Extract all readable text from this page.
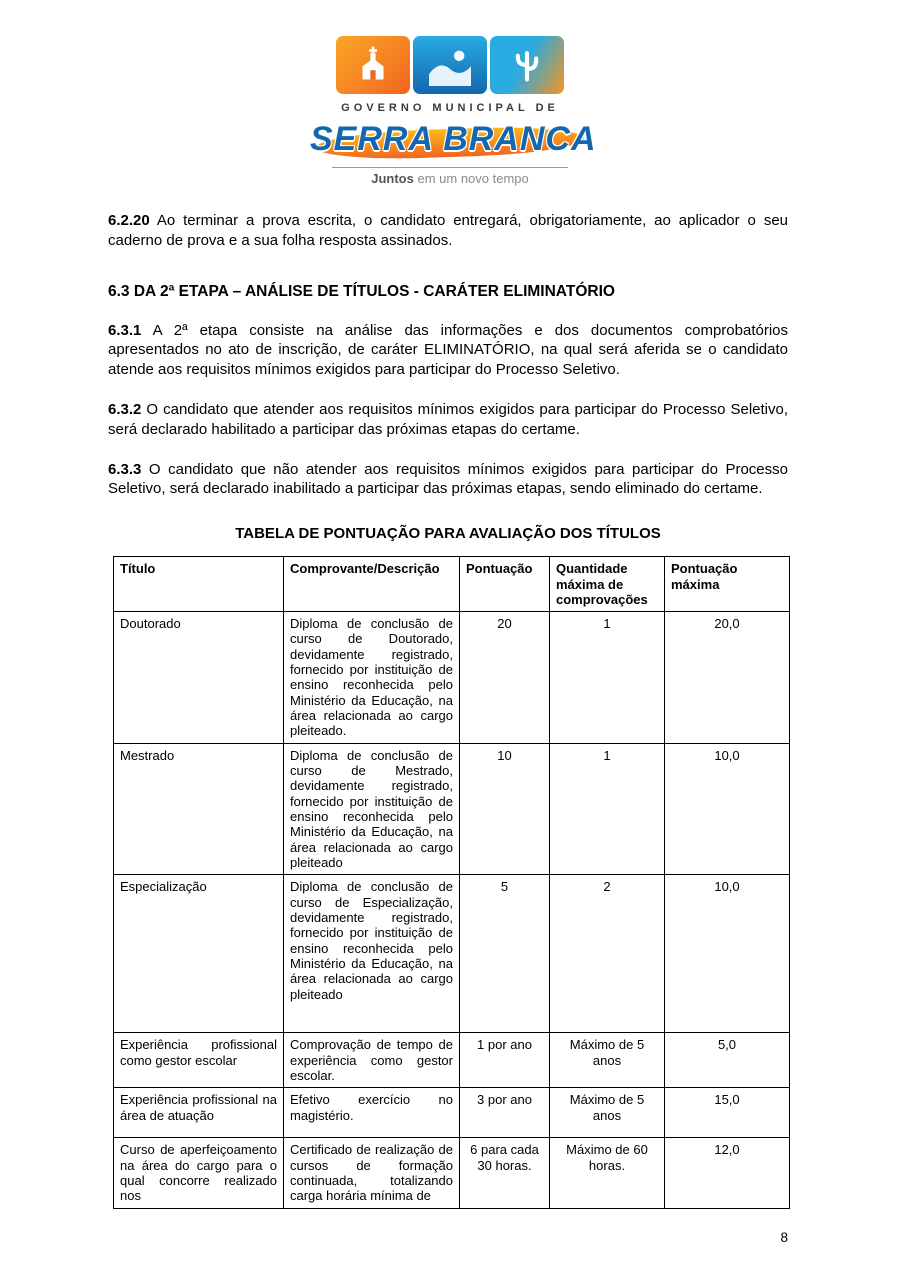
GOVERNO MUNICIPAL DE
SERRA BRANCA
Juntos em um novo tempo

6.2.20 Ao terminar a prova escrita, o candidato entregará, obrigatoriamente, ao aplicador o seu caderno de prova e a sua folha resposta assinados.

6.3 DA 2ª ETAPA – ANÁLISE DE TÍTULOS - CARÁTER ELIMINATÓRIO

6.3.1 A 2ª etapa consiste na análise das informações e dos documentos comprobatórios apresentados no ato de inscrição, de caráter ELIMINATÓRIO, na qual será aferida se o candidato atende aos requisitos mínimos exigidos para participar do Processo Seletivo.

6.3.2 O candidato que atender aos requisitos mínimos exigidos para participar do Processo Seletivo, será declarado habilitado a participar das próximas etapas do certame.

6.3.3 O candidato que não atender aos requisitos mínimos exigidos para participar do Processo Seletivo, será declarado inabilitado a participar das próximas etapas, sendo eliminado do certame.

TABELA DE PONTUAÇÃO PARA AVALIAÇÃO DOS TÍTULOS

Título	Comprovante/Descrição	Pontuação	Quantidade máxima de comprovações	Pontuação máxima
Doutorado	Diploma de conclusão de curso de Doutorado, devidamente registrado, fornecido por instituição de ensino reconhecida pelo Ministério da Educação, na área relacionada ao cargo pleiteado.	20	1	20,0
Mestrado	Diploma de conclusão de curso de Mestrado, devidamente registrado, fornecido por instituição de ensino reconhecida pelo Ministério da Educação, na área relacionada ao cargo pleiteado	10	1	10,0
Especialização	Diploma de conclusão de curso de Especialização, devidamente registrado, fornecido por instituição de ensino reconhecida pelo Ministério da Educação, na área relacionada ao cargo pleiteado	5	2	10,0
Experiência profissional como gestor escolar	Comprovação de tempo de experiência como gestor escolar.	1 por ano	Máximo de 5 anos	5,0
Experiência profissional na área de atuação	Efetivo exercício no magistério.	3 por ano	Máximo de 5 anos	15,0
Curso de aperfeiçoamento na área do cargo para o qual concorre realizado nos	Certificado de realização de cursos de formação continuada, totalizando carga horária mínima de	6 para cada 30 horas.	Máximo de 60 horas.	12,0
8
